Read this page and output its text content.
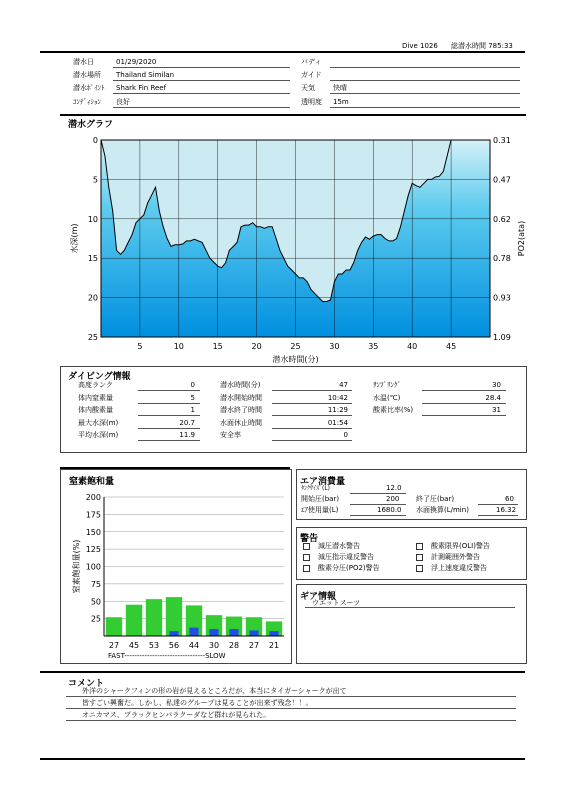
Dive 1026 総潜水時間 785:33
潜水日	01/29/2020	バディ
潜水場所 Thailand Similan	ガイド
潜水ﾎﾟｲﾝﾄ Shark Fin Reef	天気	快晴
ｺﾝﾃﾞｨｼｮﾝ 良好	透明度 15m
潜水グラフ
0
5
10
15
20
25
0.31
0.47
0.62
0.78
0.93
1.09
5	10	15	20	25	30	35	40	45
潜水時間(分)
水深(m)	PO2(ata)
ダイビング情報
高度ランク	0	潜水時間(分)	47	ｻﾝﾌﾟﾘﾝｸﾞ	30
体内窒素量	5	潜水開始時間	10:42	水温(℃)	28.4
体内酸素量	1	潜水終了時間	11:29	酸素比率(%)	31
最大水深(m)	20.7	水面休止時間	01:54
平均水深(m)	11.9	安全率	0
窒素飽和量
200
175
150
125
100
75
50
25
27 45 53 56 44 30 28 27 21
窒素飽和量(%)
FAST--------------------------------SLOW
エア消費量
ﾀﾝｸｻｲｽﾞ(L)	12.0
開始圧(bar)	200 終了圧(bar)	60
ｴｱ使用量(L)	1680.0 水面換算(L/min)	16.32
警告
減圧潜水警告	酸素限界(OLI)警告
減圧指示違反警告	計測範囲外警告
酸素分圧(PO2)警告	浮上速度違反警告
ギア情報
ウエットスーツ
コメント
外洋のシャークフィンの形の岩が見えるところだが、本当にタイガーシャークが出て
皆すごい興奮だ。しかし、私達のグループは見ることが出来ず残念！！。
オニカマス、ブラックヒンバラクーダなど群れが見られた。
